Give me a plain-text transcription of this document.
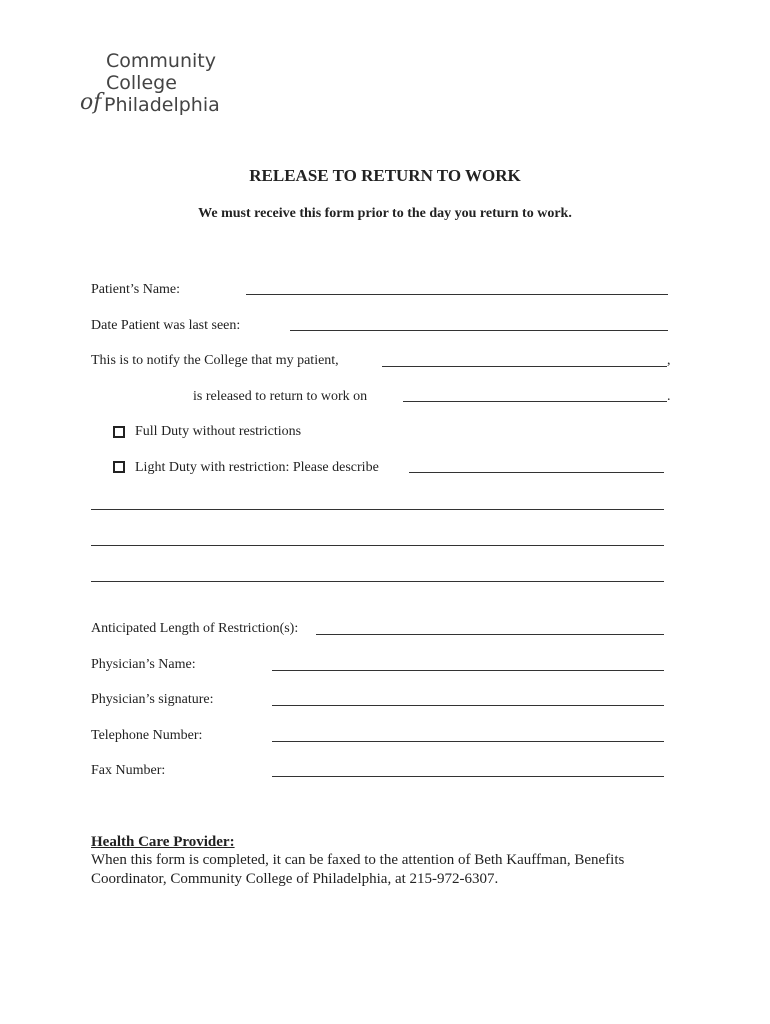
Community
College
of Philadelphia
RELEASE TO RETURN TO WORK
We must receive this form prior to the day you return to work.
Patient’s Name:
Date Patient was last seen:
This is to notify the College that my patient,	,
is released to return to work on	.
Full Duty without restrictions
Light Duty with restriction: Please describe
Anticipated Length of Restriction(s):
Physician’s Name:
Physician’s signature:
Telephone Number:
Fax Number:
Health Care Provider:
When this form is completed, it can be faxed to the attention of Beth Kauffman, Benefits Coordinator, Community College of Philadelphia, at 215-972-6307.
